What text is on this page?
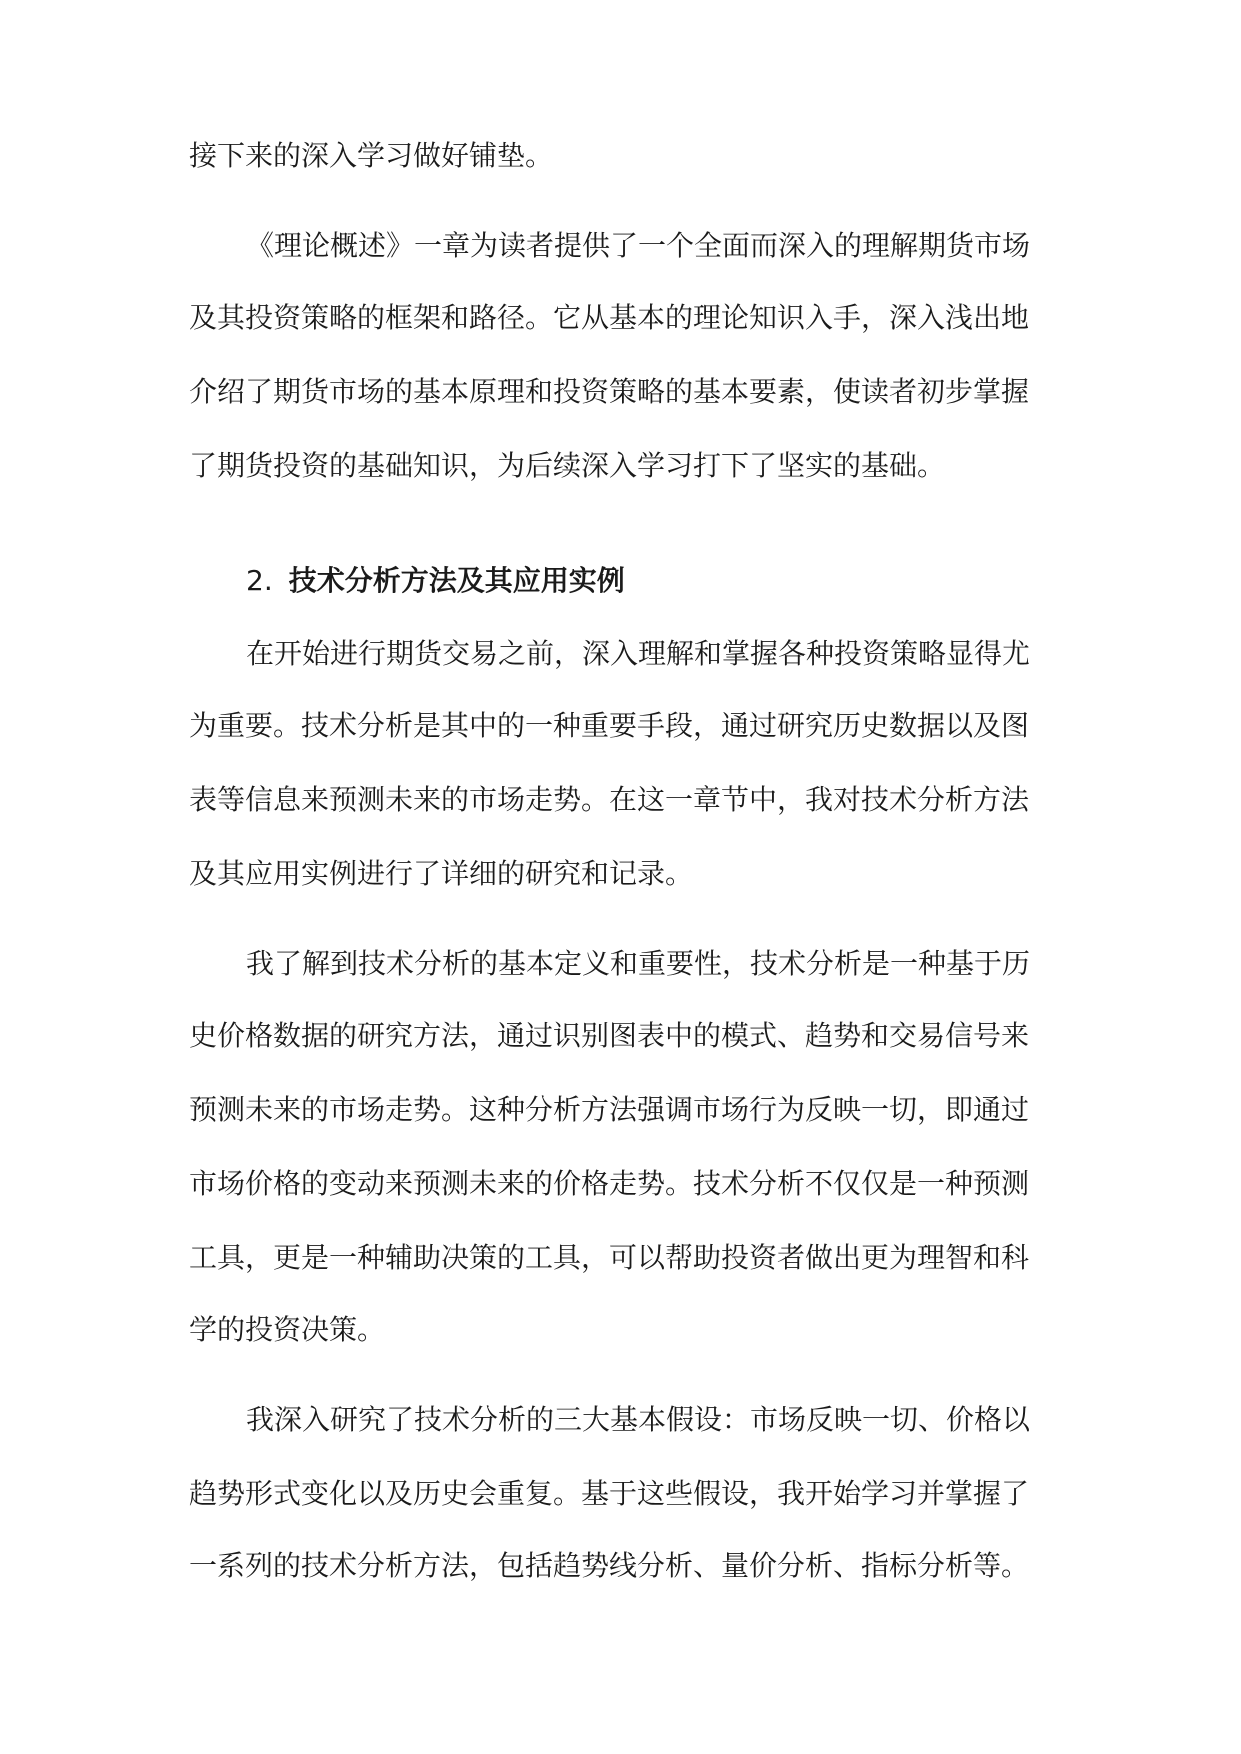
接下来的深入学习做好铺垫。

《理论概述》一章为读者提供了一个全面而深入的理解期货市场

及其投资策略的框架和路径。它从基本的理论知识入手，深入浅出地

介绍了期货市场的基本原理和投资策略的基本要素，使读者初步掌握

了期货投资的基础知识，为后续深入学习打下了坚实的基础。

2. 技术分析方法及其应用实例

在开始进行期货交易之前，深入理解和掌握各种投资策略显得尤

为重要。技术分析是其中的一种重要手段，通过研究历史数据以及图

表等信息来预测未来的市场走势。在这一章节中，我对技术分析方法

及其应用实例进行了详细的研究和记录。

我了解到技术分析的基本定义和重要性，技术分析是一种基于历

史价格数据的研究方法，通过识别图表中的模式、趋势和交易信号来

预测未来的市场走势。这种分析方法强调市场行为反映一切，即通过

市场价格的变动来预测未来的价格走势。技术分析不仅仅是一种预测

工具，更是一种辅助决策的工具，可以帮助投资者做出更为理智和科

学的投资决策。

我深入研究了技术分析的三大基本假设：市场反映一切、价格以

趋势形式变化以及历史会重复。基于这些假设，我开始学习并掌握了

一系列的技术分析方法，包括趋势线分析、量价分析、指标分析等。
